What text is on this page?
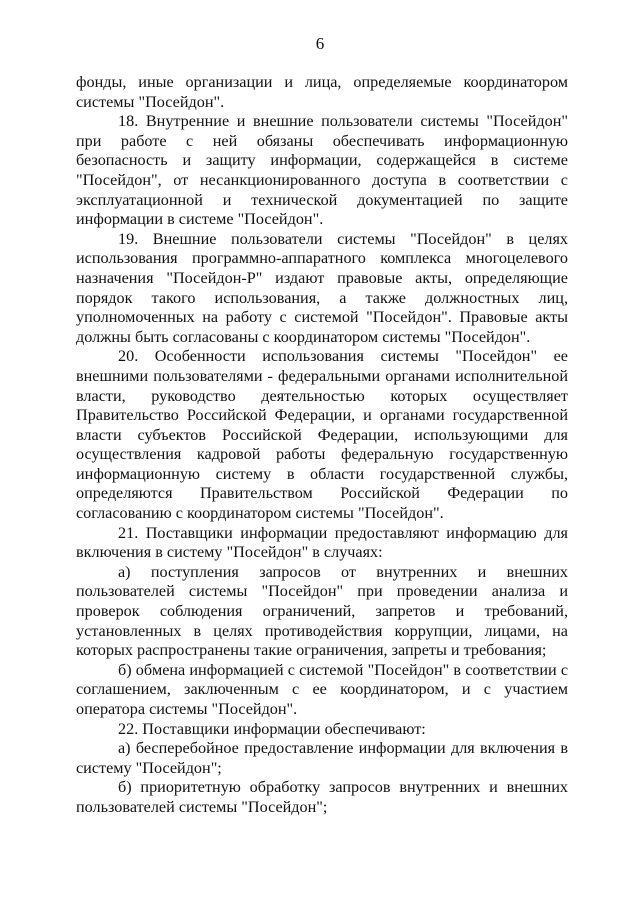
6

фонды, иные организации и лица, определяемые координатором системы "Посейдон".

18. Внутренние и внешние пользователи системы "Посейдон" при работе с ней обязаны обеспечивать информационную безопасность и защиту информации, содержащейся в системе "Посейдон", от несанкционированного доступа в соответствии с эксплуатационной и технической документацией по защите информации в системе "Посейдон".

19. Внешние пользователи системы "Посейдон" в целях использования программно-аппаратного комплекса многоцелевого назначения "Посейдон-Р" издают правовые акты, определяющие порядок такого использования, а также должностных лиц, уполномоченных на работу с системой "Посейдон". Правовые акты должны быть согласованы с координатором системы "Посейдон".

20. Особенности использования системы "Посейдон" ее внешними пользователями - федеральными органами исполнительной власти, руководство деятельностью которых осуществляет Правительство Российской Федерации, и органами государственной власти субъектов Российской Федерации, использующими для осуществления кадровой работы федеральную государственную информационную систему в области государственной службы, определяются Правительством Российской Федерации по согласованию с координатором системы "Посейдон".

21. Поставщики информации предоставляют информацию для включения в систему "Посейдон" в случаях:

а) поступления запросов от внутренних и внешних пользователей системы "Посейдон" при проведении анализа и проверок соблюдения ограничений, запретов и требований, установленных в целях противодействия коррупции, лицами, на которых распространены такие ограничения, запреты и требования;

б) обмена информацией с системой "Посейдон" в соответствии с соглашением, заключенным с ее координатором, и с участием оператора системы "Посейдон".

22. Поставщики информации обеспечивают:

а) бесперебойное предоставление информации для включения в систему "Посейдон";

б) приоритетную обработку запросов внутренних и внешних пользователей системы "Посейдон";
